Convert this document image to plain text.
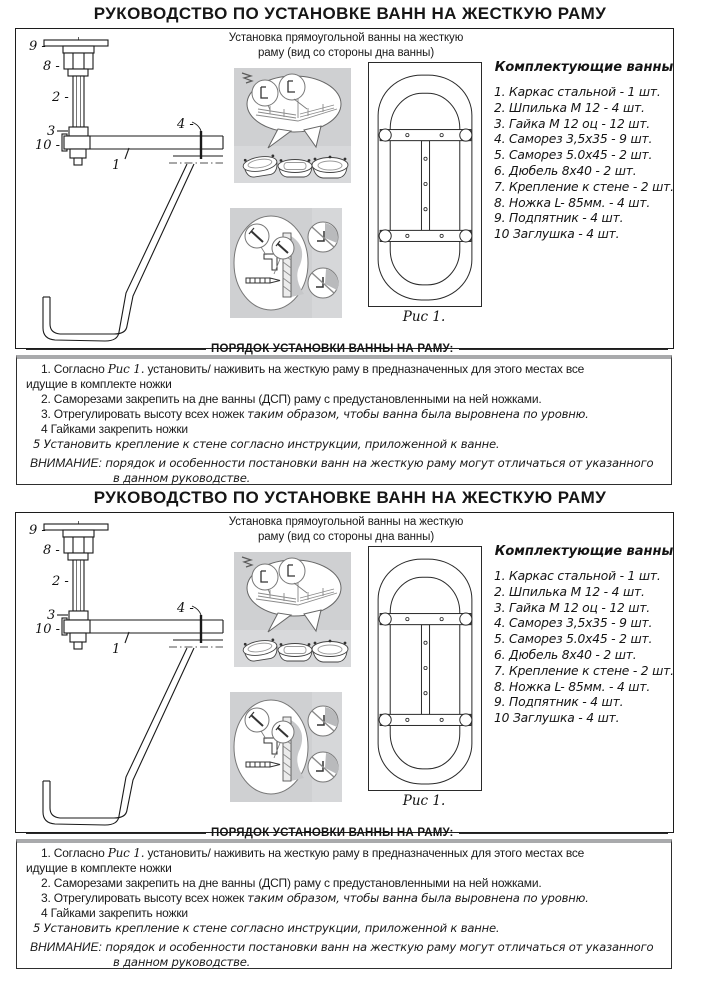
РУКОВОДСТВО ПО УСТАНОВКЕ ВАНН НА ЖЕСТКУЮ РАМУ
Установка прямоугольной ванны на жесткую
раму (вид со стороны дна ванны)
9 -
8 -
2 -
3
10 -
4 -
1
Рис 1.
Комплектующие ванны
1. Каркас стальной - 1 шт.
2. Шпилька М 12 - 4 шт.
3. Гайка М 12 оц - 12 шт.
4. Саморез 3,5х35 - 9 шт.
5. Саморез 5.0х45 - 2 шт.
6. Дюбель 8х40 - 2 шт.
7. Крепление к стене - 2 шт.
8. Ножка L- 85мм. - 4 шт.
9. Подпятник - 4 шт.
10 Заглушка - 4 шт.
ПОРЯДОК УСТАНОВКИ ВАННЫ НА РАМУ:

1. Согласно Рис 1. установить/ наживить на жесткую раму в предназначенных для этого местах все

идущие в комплекте ножки

2. Саморезами закрепить на дне ванны (ДСП) раму с предустановленными на ней ножками.

3. Отрегулировать высоту всех ножек таким образом, чтобы ванна была выровнена по уровню.

4 Гайками закрепить ножки

5 Установить крепление к стене согласно инструкции, приложенной к ванне.

ВНИМАНИЕ: порядок и особенности постановки ванн на жесткую раму могут отличаться от указанного

в данном руководстве.

РУКОВОДСТВО ПО УСТАНОВКЕ ВАНН НА ЖЕСТКУЮ РАМУ
Установка прямоугольной ванны на жесткую
раму (вид со стороны дна ванны)
9 -
8 -
2 -
3
10 -
4 -
1
Рис 1.
Комплектующие ванны
1. Каркас стальной - 1 шт.
2. Шпилька М 12 - 4 шт.
3. Гайка М 12 оц - 12 шт.
4. Саморез 3,5х35 - 9 шт.
5. Саморез 5.0х45 - 2 шт.
6. Дюбель 8х40 - 2 шт.
7. Крепление к стене - 2 шт.
8. Ножка L- 85мм. - 4 шт.
9. Подпятник - 4 шт.
10 Заглушка - 4 шт.
ПОРЯДОК УСТАНОВКИ ВАННЫ НА РАМУ:

1. Согласно Рис 1. установить/ наживить на жесткую раму в предназначенных для этого местах все

идущие в комплекте ножки

2. Саморезами закрепить на дне ванны (ДСП) раму с предустановленными на ней ножками.

3. Отрегулировать высоту всех ножек таким образом, чтобы ванна была выровнена по уровню.

4 Гайками закрепить ножки

5 Установить крепление к стене согласно инструкции, приложенной к ванне.

ВНИМАНИЕ: порядок и особенности постановки ванн на жесткую раму могут отличаться от указанного

в данном руководстве.
